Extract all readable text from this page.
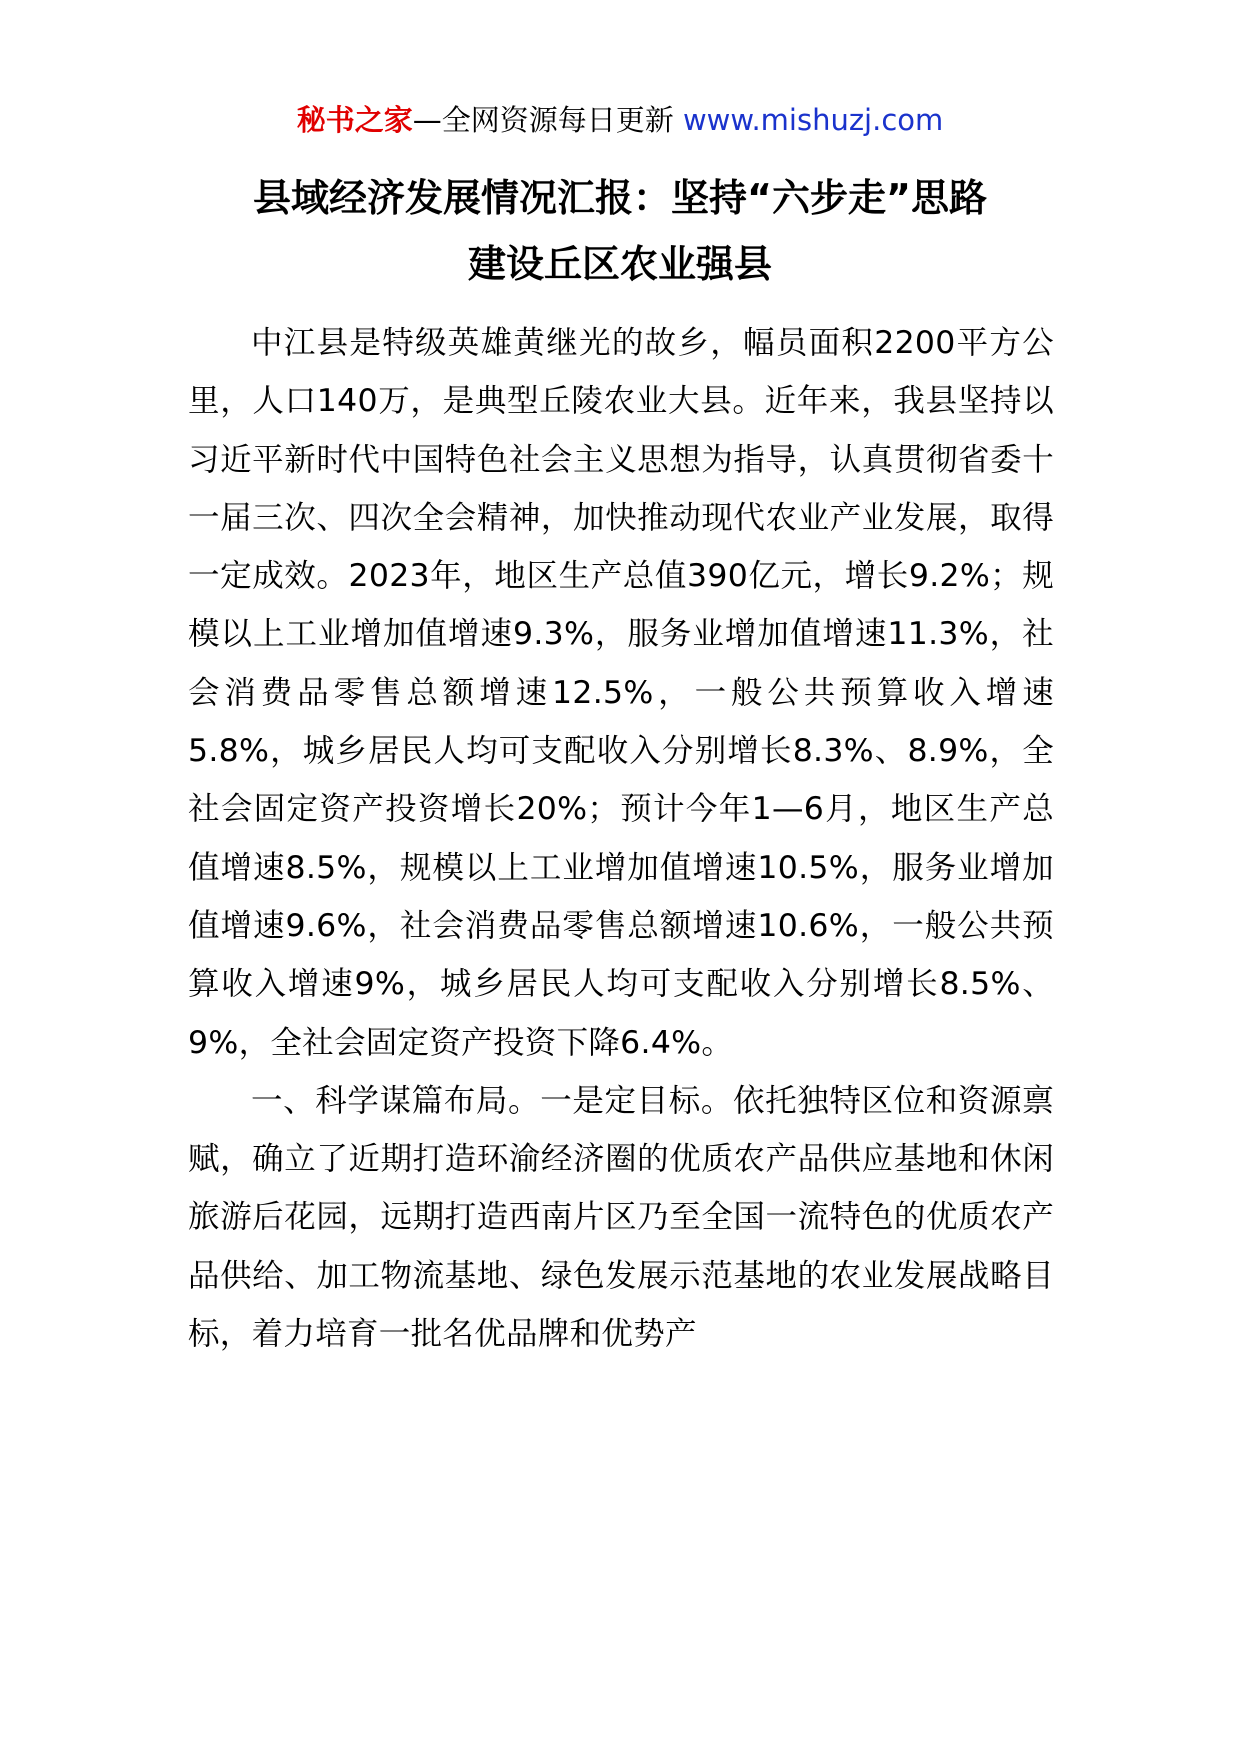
秘书之家—全网资源每日更新 www.mishuzj.com
县域经济发展情况汇报：坚持“六步走”思路
建设丘区农业强县

中江县是特级英雄黄继光的故乡，幅员面积2200平方公里，人口140万，是典型丘陵农业大县。近年来，我县坚持以习近平新时代中国特色社会主义思想为指导，认真贯彻省委十一届三次、四次全会精神，加快推动现代农业产业发展，取得一定成效。2023年，地区生产总值390亿元，增长9.2%；规模以上工业增加值增速9.3%，服务业增加值增速11.3%，社会消费品零售总额增速12.5%，一般公共预算收入增速5.8%，城乡居民人均可支配收入分别增长8.3%、8.9%，全社会固定资产投资增长20%；预计今年1—6月，地区生产总值增速8.5%，规模以上工业增加值增速10.5%，服务业增加值增速9.6%，社会消费品零售总额增速10.6%，一般公共预算收入增速9%，城乡居民人均可支配收入分别增长8.5%、9%，全社会固定资产投资下降6.4%。

一、科学谋篇布局。一是定目标。依托独特区位和资源禀赋，确立了近期打造环渝经济圈的优质农产品供应基地和休闲旅游后花园，远期打造西南片区乃至全国一流特色的优质农产品供给、加工物流基地、绿色发展示范基地的农业发展战略目标，着力培育一批名优品牌和优势产
